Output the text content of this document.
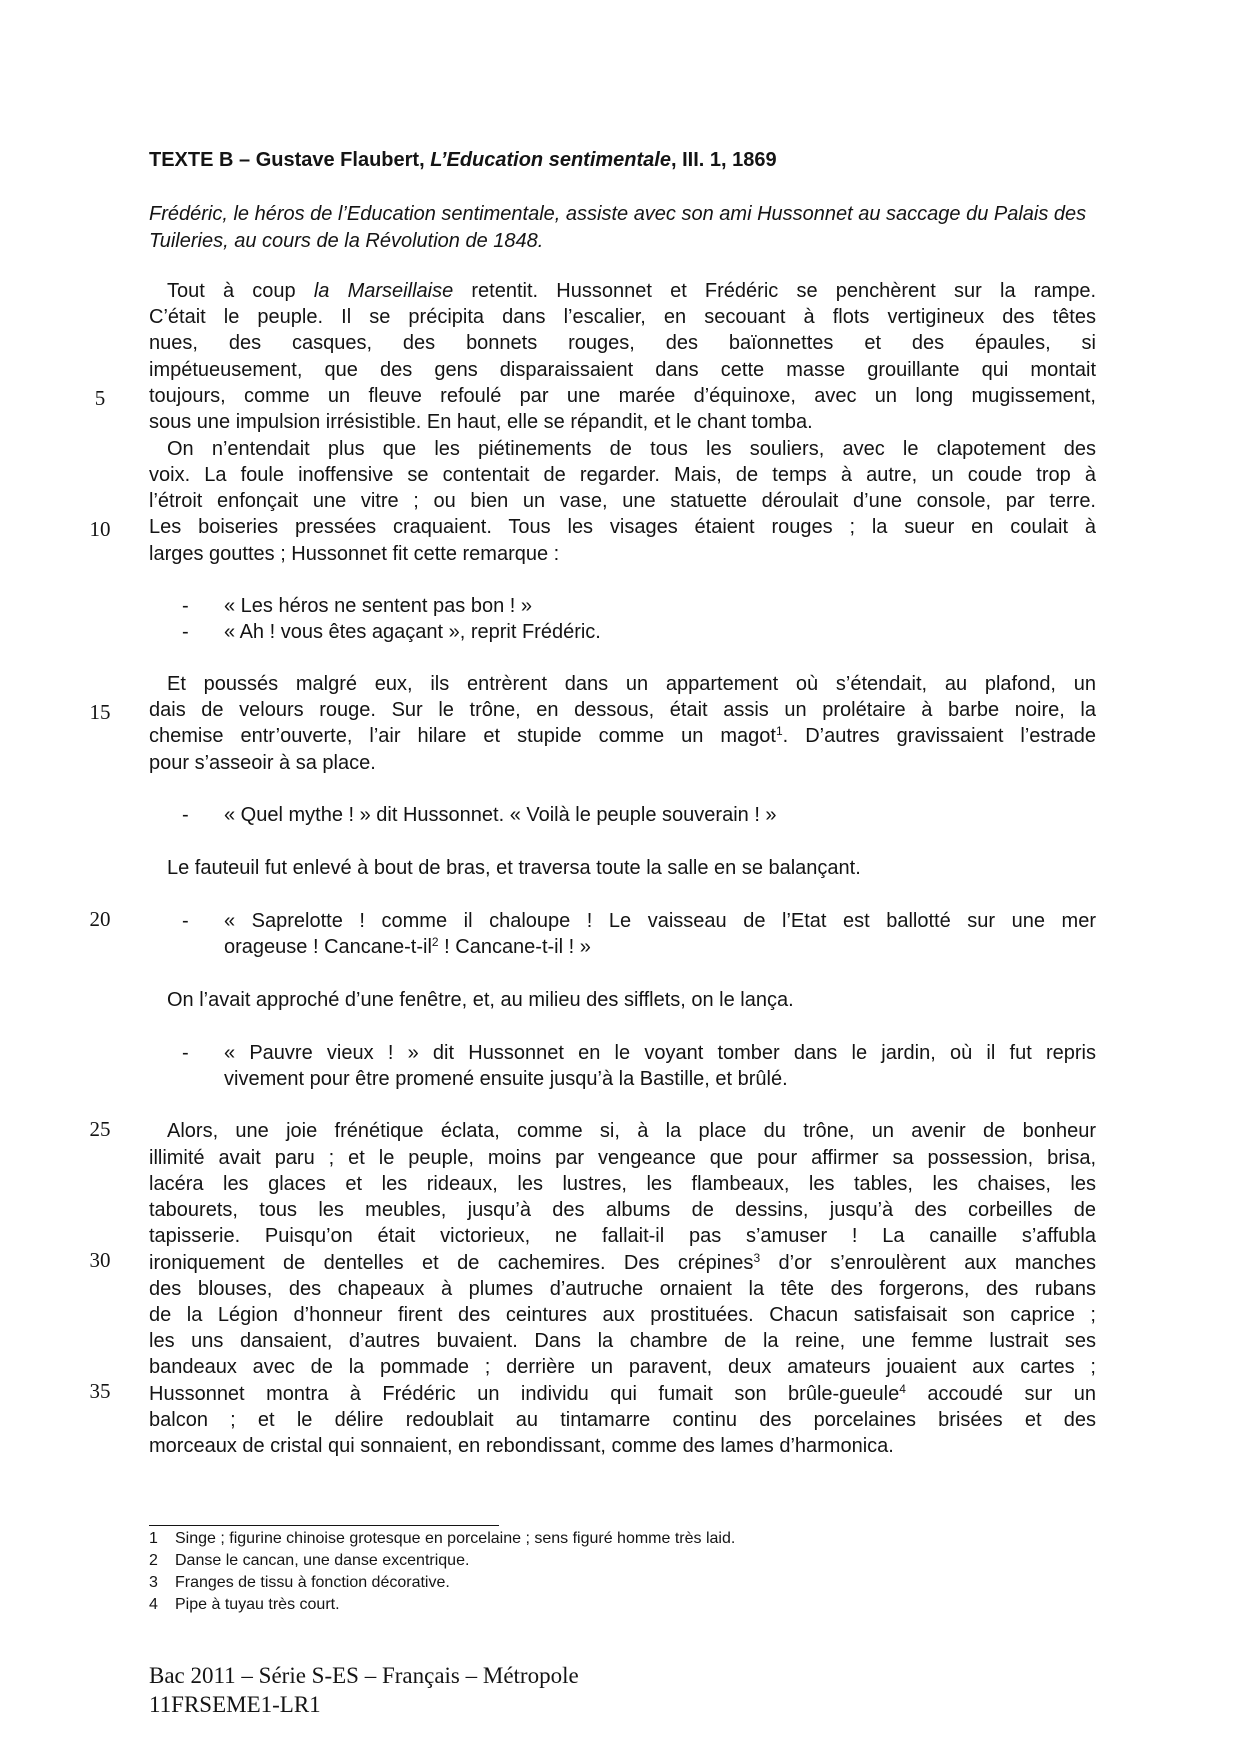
TEXTE B – Gustave Flaubert, L’Education sentimentale, III. 1, 1869
Frédéric, le héros de l’Education sentimentale, assiste avec son ami Hussonnet au saccage du Palais des Tuileries, au cours de la Révolution de 1848.
5
10
15
20
25
30
35
Tout à coup la Marseillaise retentit. Hussonnet et Frédéric se penchèrent sur la rampe.
C’était le peuple. Il se précipita dans l’escalier, en secouant à flots vertigineux des têtes
nues, des casques, des bonnets rouges, des baïonnettes et des épaules, si
impétueusement, que des gens disparaissaient dans cette masse grouillante qui montait
toujours, comme un fleuve refoulé par une marée d’équinoxe, avec un long mugissement,
sous une impulsion irrésistible. En haut, elle se répandit, et le chant tomba.
On n’entendait plus que les piétinements de tous les souliers, avec le clapotement des
voix. La foule inoffensive se contentait de regarder. Mais, de temps à autre, un coude trop à
l’étroit enfonçait une vitre ; ou bien un vase, une statuette déroulait d’une console, par terre.
Les boiseries pressées craquaient. Tous les visages étaient rouges ; la sueur en coulait à
larges gouttes ; Hussonnet fit cette remarque :
- « Les héros ne sentent pas bon ! »
- « Ah ! vous êtes agaçant », reprit Frédéric.
Et poussés malgré eux, ils entrèrent dans un appartement où s’étendait, au plafond, un
dais de velours rouge. Sur le trône, en dessous, était assis un prolétaire à barbe noire, la
chemise entr’ouverte, l’air hilare et stupide comme un magot$^1$. D’autres gravissaient l’estrade
pour s’asseoir à sa place.
- « Quel mythe ! » dit Hussonnet. « Voilà le peuple souverain ! »
Le fauteuil fut enlevé à bout de bras, et traversa toute la salle en se balançant.
- « Saprelotte ! comme il chaloupe ! Le vaisseau de l’Etat est ballotté sur une mer
orageuse ! Cancane-$t-il^2$ ! Cancane-t-il ! »
On l’avait approché d’une fenêtre, et, au milieu des sifflets, on le lança.
- « Pauvre vieux ! » dit Hussonnet en le voyant tomber dans le jardin, où il fut repris
vivement pour être promené ensuite jusqu’à la Bastille, et brûlé.
Alors, une joie frénétique éclata, comme si, à la place du trône, un avenir de bonheur
illimité avait paru ; et le peuple, moins par vengeance que pour affirmer sa possession, brisa,
lacéra les glaces et les rideaux, les lustres, les flambeaux, les tables, les chaises, les
tabourets, tous les meubles, jusqu’à des albums de dessins, jusqu’à des corbeilles de
tapisserie. Puisqu’on était victorieux, ne fallait-il pas s’amuser ! La canaille s’affubla
ironiquement de dentelles et de cachemires. Des crépines$^3$ d’or s’enroulèrent aux manches
des blouses, des chapeaux à plumes d’autruche ornaient la tête des forgerons, des rubans
de la Légion d’honneur firent des ceintures aux prostituées. Chacun satisfaisait son caprice ;
les uns dansaient, d’autres buvaient. Dans la chambre de la reine, une femme lustrait ses
bandeaux avec de la pommade ; derrière un paravent, deux amateurs jouaient aux cartes ;
Hussonnet montra à Frédéric un individu qui fumait son brûle-gueule$^4$ accoudé sur un
balcon ; et le délire redoublait au tintamarre continu des porcelaines brisées et des
morceaux de cristal qui sonnaient, en rebondissant, comme des lames d’harmonica.
1 Singe ; figurine chinoise grotesque en porcelaine ; sens figuré homme très laid.
2 Danse le cancan, une danse excentrique.
3 Franges de tissu à fonction décorative.
4 Pipe à tuyau très court.
Bac 2011 – Série S-ES – Français – Métropole
11FRSEME1-LR1
